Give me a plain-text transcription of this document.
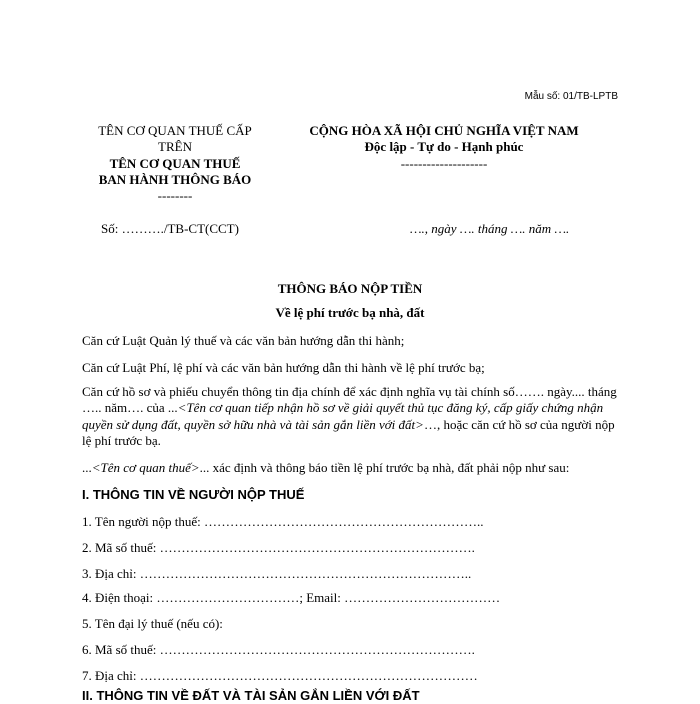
Mẫu số: 01/TB-LPTB
TÊN CƠ QUAN THUẾ CẤP TRÊN
TÊN CƠ QUAN THUẾ
BAN HÀNH THÔNG BÁO
--------
CỘNG HÒA XÃ HỘI CHỦ NGHĨA VIỆT NAM
Độc lập - Tự do - Hạnh phúc
--------------------
Số: ………./TB-CT(CCT)	…., ngày …. tháng …. năm ….
THÔNG BÁO NỘP TIỀN
Về lệ phí trước bạ nhà, đất
Căn cứ Luật Quản lý thuế và các văn bản hướng dẫn thi hành;
Căn cứ Luật Phí, lệ phí và các văn bản hướng dẫn thi hành về lệ phí trước bạ;
Căn cứ hồ sơ và phiếu chuyển thông tin địa chính để xác định nghĩa vụ tài chính số……. ngày.... tháng ….. năm…. của ...<Tên cơ quan tiếp nhận hồ sơ về giải quyết thủ tục đăng ký, cấp giấy chứng nhận quyền sử dụng đất, quyền sở hữu nhà và tài sản gắn liền với đất>…, hoặc căn cứ hồ sơ của người nộp lệ phí trước bạ.
...<Tên cơ quan thuế>... xác định và thông báo tiền lệ phí trước bạ nhà, đất phải nộp như sau:
I. THÔNG TIN VỀ NGƯỜI NỘP THUẾ
1. Tên người nộp thuế: ………………………………………………………..
2. Mã số thuế: ……………………………………………………………….
3. Địa chỉ: …………………………………………………………………..
4. Điện thoại: ……………………………; Email: ………………………………
5. Tên đại lý thuế (nếu có):
6. Mã số thuế: ……………………………………………………………….
7. Địa chỉ: ……………………………………………………………………
II. THÔNG TIN VỀ ĐẤT VÀ TÀI SẢN GẮN LIỀN VỚI ĐẤT
